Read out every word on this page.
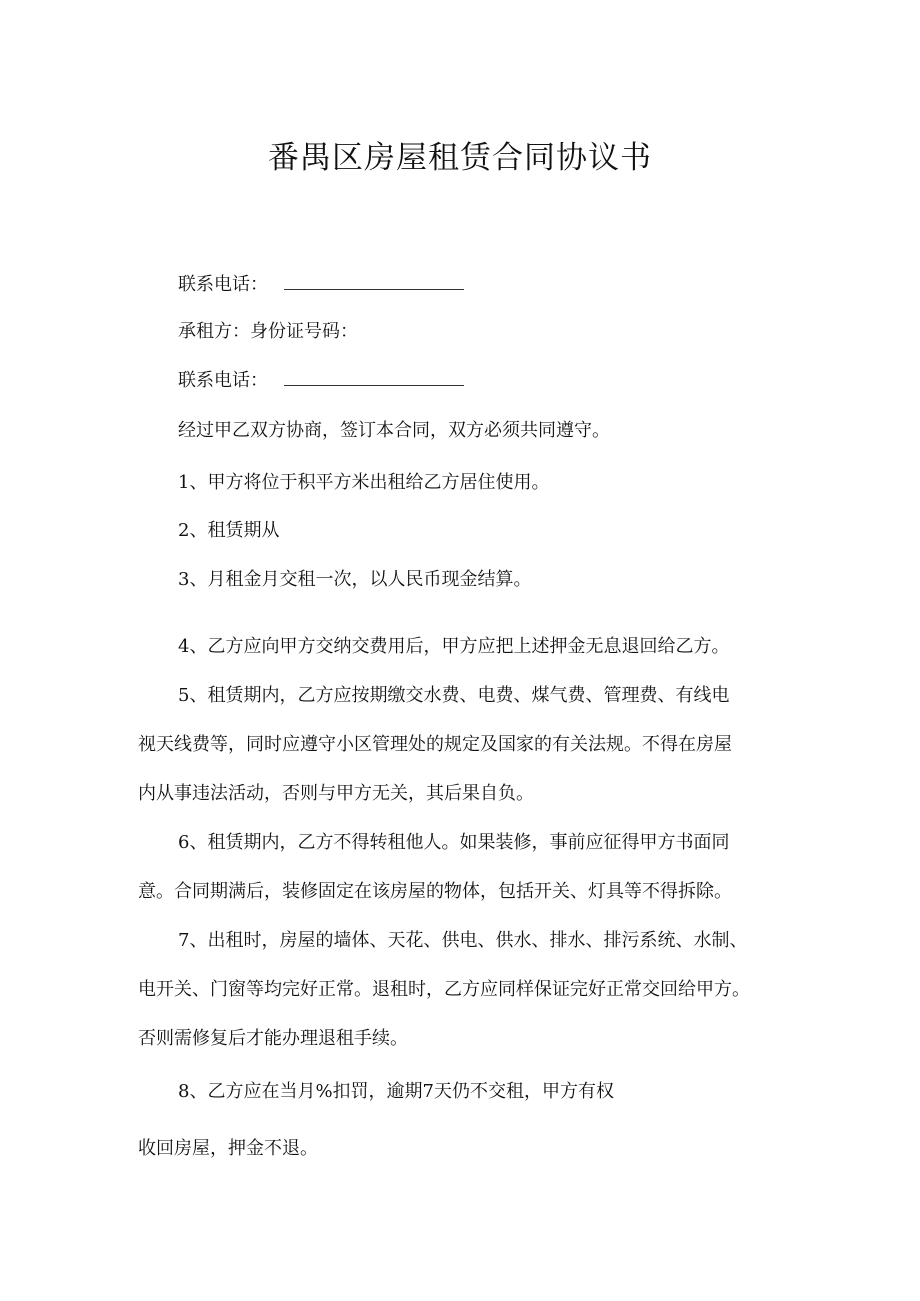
番禺区房屋租赁合同协议书
联系电话：
承租方：身份证号码：
联系电话：
经过甲乙双方协商，签订本合同，双方必须共同遵守。
1、甲方将位于积平方米出租给乙方居住使用。
2、租赁期从
3、月租金月交租一次，以人民币现金结算。
4、乙方应向甲方交纳交费用后，甲方应把上述押金无息退回给乙方。
5、租赁期内，乙方应按期缴交水费、电费、煤气费、管理费、有线电
视天线费等，同时应遵守小区管理处的规定及国家的有关法规。不得在房屋
内从事违法活动，否则与甲方无关，其后果自负。
6、租赁期内，乙方不得转租他人。如果装修，事前应征得甲方书面同
意。合同期满后，装修固定在该房屋的物体，包括开关、灯具等不得拆除。
7、出租时，房屋的墙体、天花、供电、供水、排水、排污系统、水制、
电开关、门窗等均完好正常。退租时，乙方应同样保证完好正常交回给甲方。
否则需修复后才能办理退租手续。
8、乙方应在当月%扣罚，逾期7天仍不交租，甲方有权
收回房屋，押金不退。
